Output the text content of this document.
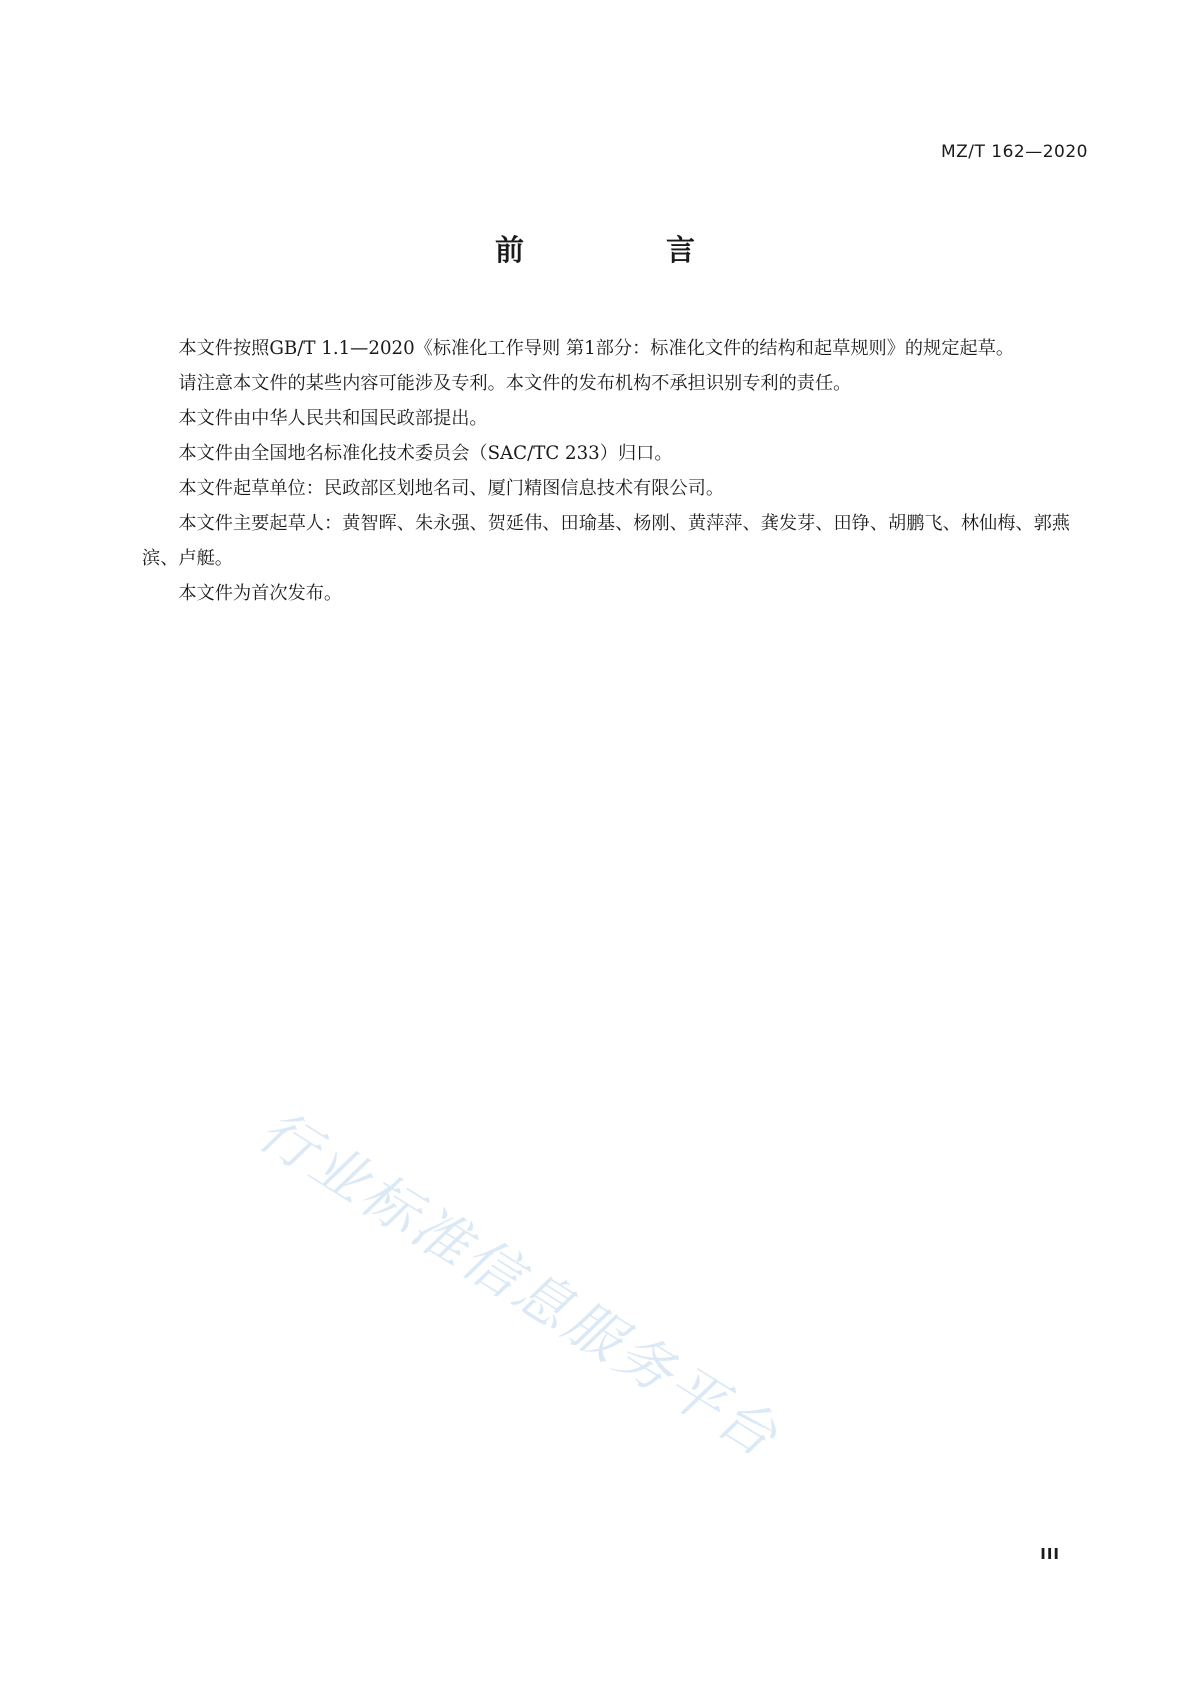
MZ/T 162—2020
前 言

本文件按照GB/T 1.1—2020《标准化工作导则 第1部分：标准化文件的结构和起草规则》的规定起草。

请注意本文件的某些内容可能涉及专利。本文件的发布机构不承担识别专利的责任。

本文件由中华人民共和国民政部提出。

本文件由全国地名标准化技术委员会（SAC/TC 233）归口。

本文件起草单位：民政部区划地名司、厦门精图信息技术有限公司。

本文件主要起草人：黄智晖、朱永强、贺延伟、田瑜基、杨刚、黄萍萍、龚发芽、田铮、胡鹏飞、林仙梅、郭燕滨、卢艇。

本文件为首次发布。

行业标准信息服务平台
III
